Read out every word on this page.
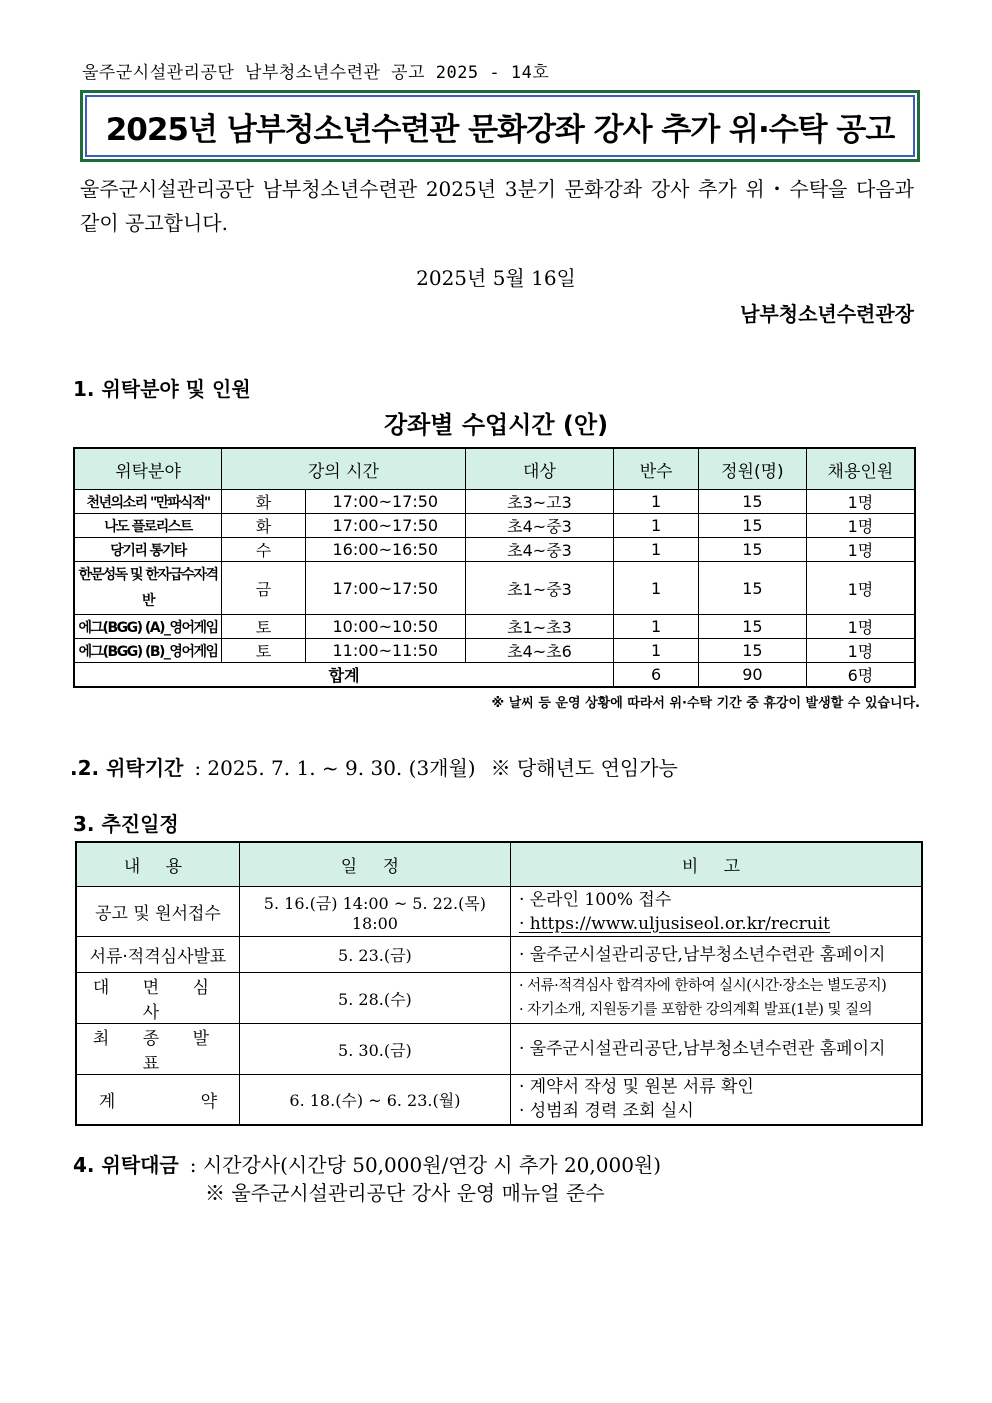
울주군시설관리공단 남부청소년수련관 공고 2025 - 14호
2025년 남부청소년수련관 문화강좌 강사 추가 위·수탁 공고
울주군시설관리공단 남부청소년수련관 2025년 3분기 문화강좌 강사 추가 위・수탁을 다음과 같이 공고합니다.
2025년 5월 16일
남부청소년수련관장
1. 위탁분야 및 인원
강좌별 수업시간 (안)
위탁분야	강의 시간		대상	반수	정원(명)	채용인원
천년의소리 "만파식적"	화	17:00~17:50	초3~고3	1	15	1명
나도 플로리스트	화	17:00~17:50	초4~중3	1	15	1명
당기리 통기타	수	16:00~16:50	초4~중3	1	15	1명
한문성독 및 한자급수자격반	금	17:00~17:50	초1~중3	1	15	1명
에그(BGG) (A)_영어게임	토	10:00~10:50	초1~초3	1	15	1명
에그(BGG) (B)_영어게임	토	11:00~11:50	초4~초6	1	15	1명
합계				6	90	6명
※ 날씨 등 운영 상황에 따라서 위·수탁 기간 중 휴강이 발생할 수 있습니다.
.2. 위탁기간 : 2025. 7. 1. ~ 9. 30. (3개월) ※ 당해년도 연임가능
3. 추진일정
내 용	일 정	비 고
공고 및 원서접수	5. 16.(금) 14:00 ~ 5. 22.(목) 18:00	· 온라인 100% 접수
· https://www.uljusiseol.or.kr/recruit

서류·적격심사발표	5. 23.(금)	· 울주군시설관리공단,남부청소년수련관 홈페이지

대 면 심 사	5. 28.(수)	· 서류·적격심사 합격자에 한하여 실시(시간·장소는 별도공지)
· 자기소개, 지원동기를 포함한 강의계획 발표(1분) 및 질의

최 종 발 표	5. 30.(금)	· 울주군시설관리공단,남부청소년수련관 홈페이지

계 약	6. 18.(수) ~ 6. 23.(월)	· 계약서 작성 및 원본 서류 확인
· 성범죄 경력 조회 실시
4. 위탁대금 : 시간강사(시간당 50,000원/연강 시 추가 20,000원)
※ 울주군시설관리공단 강사 운영 매뉴얼 준수
